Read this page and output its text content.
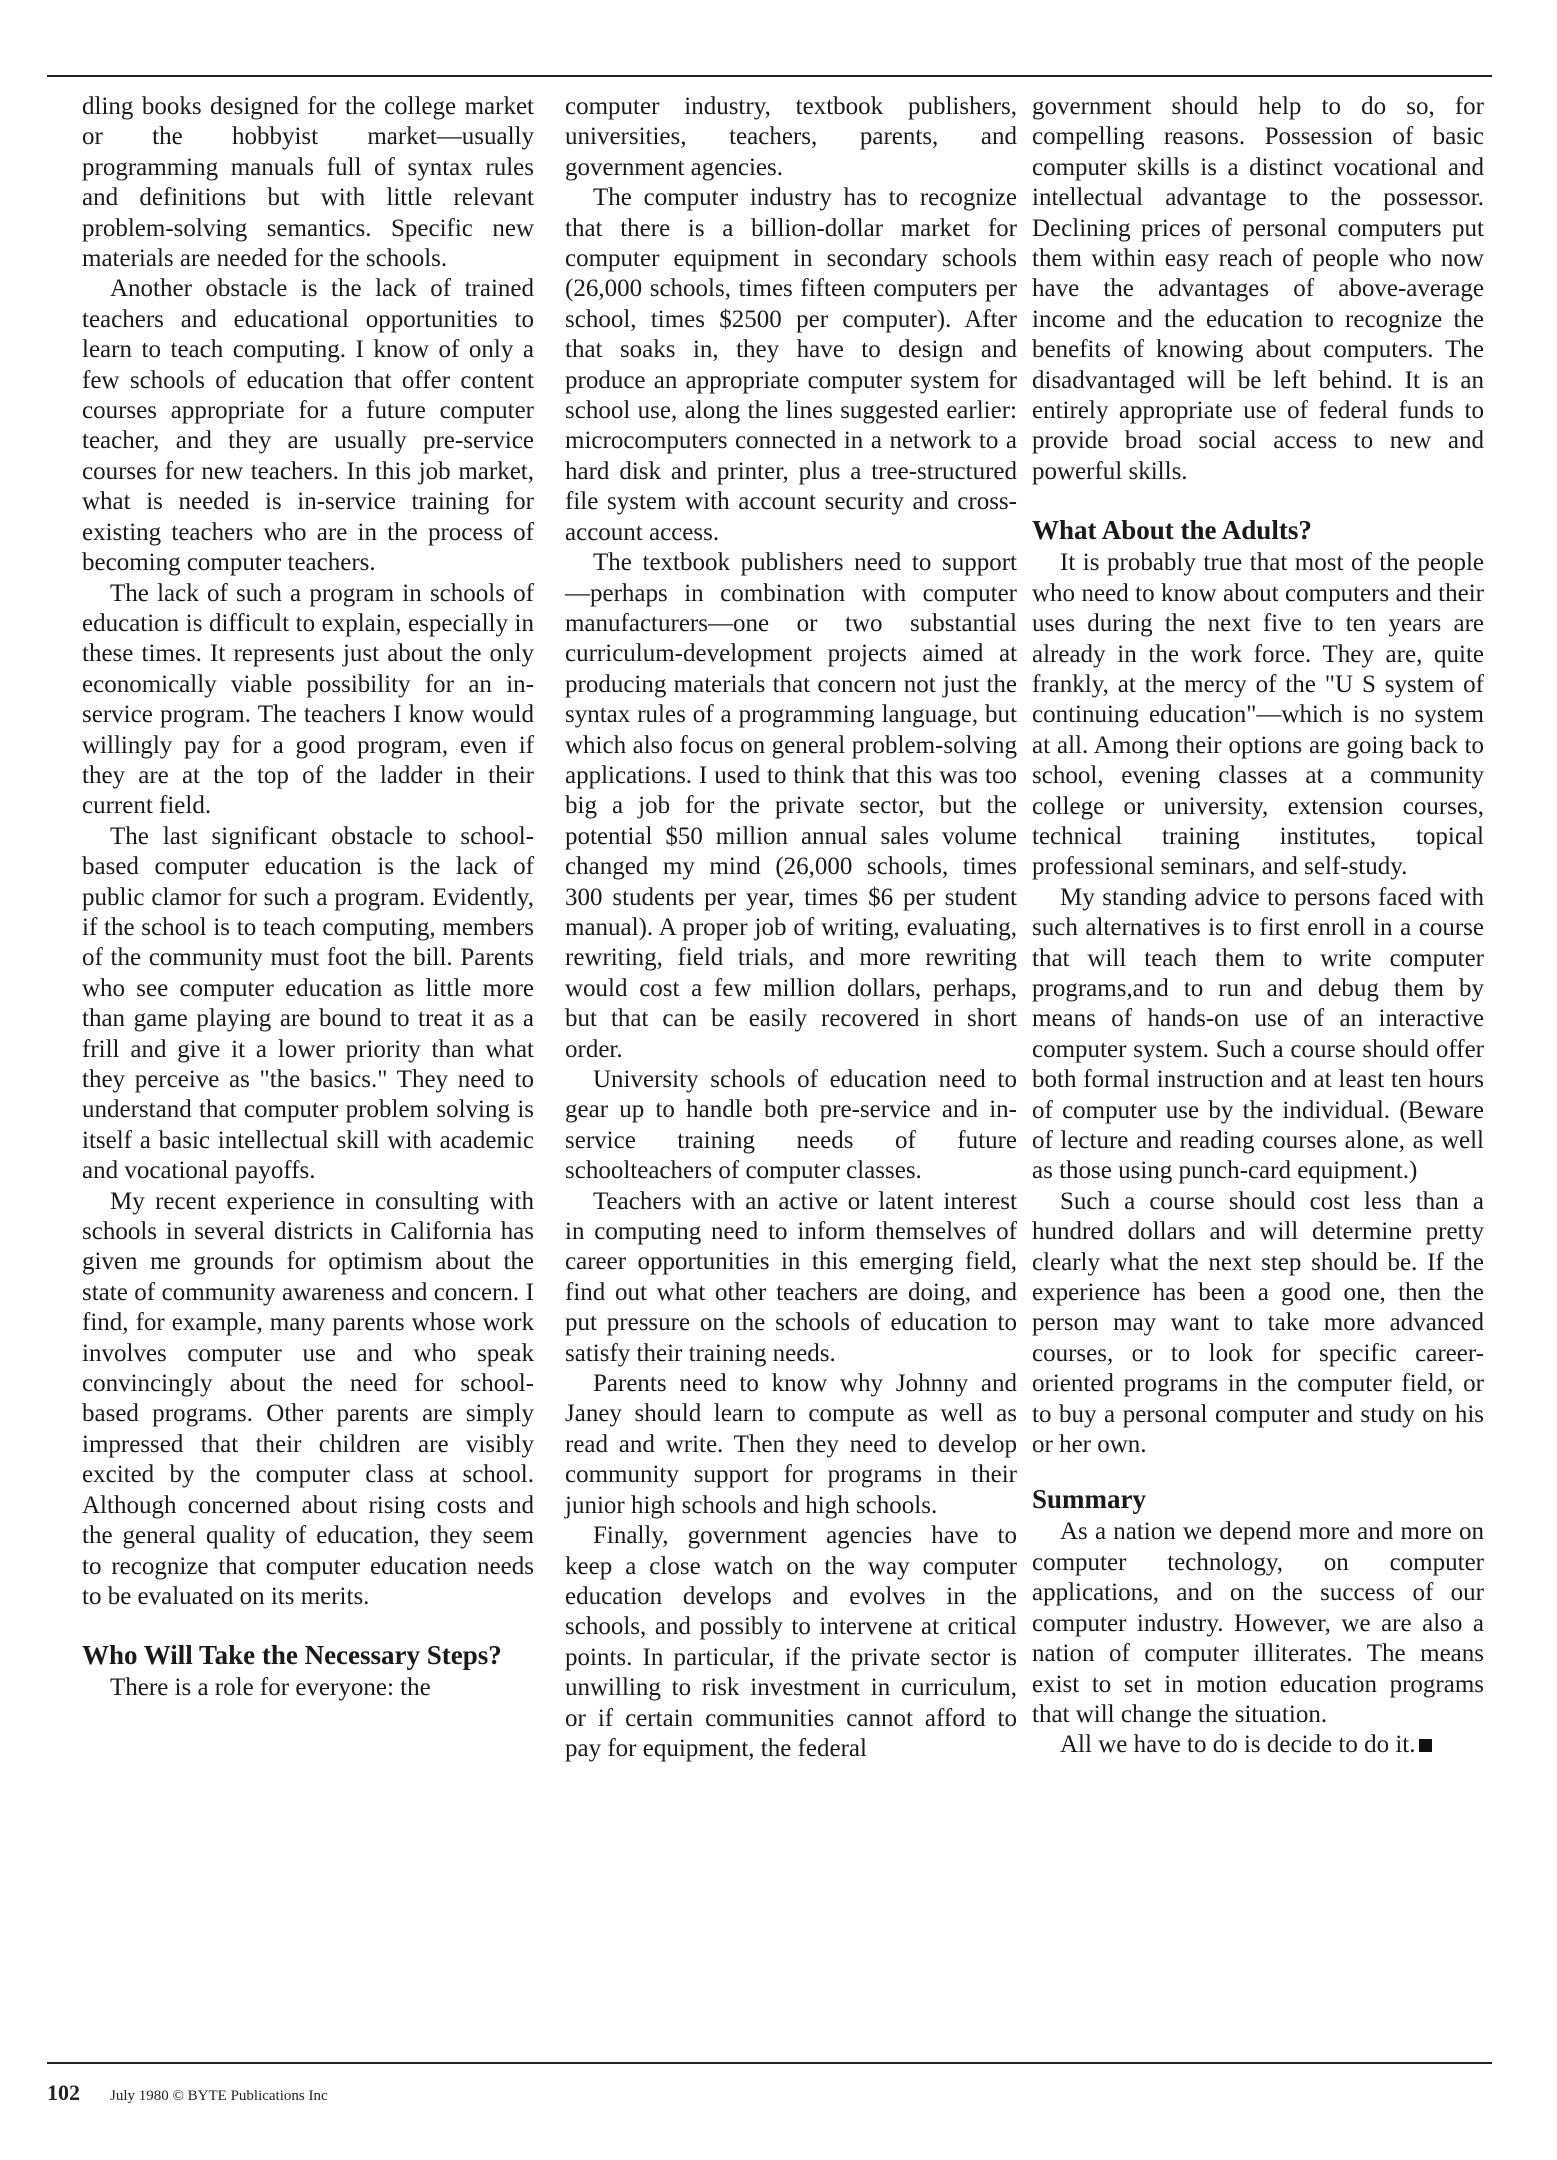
dling books designed for the college market or the hobbyist market—usually programming manuals full of syntax rules and definitions but with little relevant problem-solving semantics. Specific new materials are needed for the schools.

Another obstacle is the lack of trained teachers and educational opportunities to learn to teach computing. I know of only a few schools of education that offer content courses appropriate for a future computer teacher, and they are usually pre-service courses for new teachers. In this job market, what is needed is in-service training for existing teachers who are in the process of becoming computer teachers.

The lack of such a program in schools of education is difficult to explain, especially in these times. It represents just about the only economically viable possibility for an in-service program. The teachers I know would willingly pay for a good program, even if they are at the top of the ladder in their current field.

The last significant obstacle to school-based computer education is the lack of public clamor for such a program. Evidently, if the school is to teach computing, members of the community must foot the bill. Parents who see computer education as little more than game playing are bound to treat it as a frill and give it a lower priority than what they perceive as "the basics." They need to understand that computer problem solving is itself a basic intellectual skill with academic and vocational payoffs.

My recent experience in consulting with schools in several districts in California has given me grounds for optimism about the state of community awareness and concern. I find, for example, many parents whose work involves computer use and who speak convincingly about the need for school-based programs. Other parents are simply impressed that their children are visibly excited by the computer class at school. Although concerned about rising costs and the general quality of education, they seem to recognize that computer education needs to be evaluated on its merits.

Who Will Take the Necessary Steps?

There is a role for everyone: the

computer industry, textbook publishers, universities, teachers, parents, and government agencies.

The computer industry has to recognize that there is a billion-dollar market for computer equipment in secondary schools (26,000 schools, times fifteen computers per school, times $2500 per computer). After that soaks in, they have to design and produce an appropriate computer system for school use, along the lines suggested earlier: microcomputers connected in a network to a hard disk and printer, plus a tree-structured file system with account security and cross-account access.

The textbook publishers need to support—perhaps in combination with computer manufacturers—one or two substantial curriculum-development projects aimed at producing materials that concern not just the syntax rules of a programming language, but which also focus on general problem-solving applications. I used to think that this was too big a job for the private sector, but the potential $50 million annual sales volume changed my mind (26,000 schools, times 300 students per year, times $6 per student manual). A proper job of writing, evaluating, rewriting, field trials, and more rewriting would cost a few million dollars, perhaps, but that can be easily recovered in short order.

University schools of education need to gear up to handle both pre-service and in-service training needs of future schoolteachers of computer classes.

Teachers with an active or latent interest in computing need to inform themselves of career opportunities in this emerging field, find out what other teachers are doing, and put pressure on the schools of education to satisfy their training needs.

Parents need to know why Johnny and Janey should learn to compute as well as read and write. Then they need to develop community support for programs in their junior high schools and high schools.

Finally, government agencies have to keep a close watch on the way computer education develops and evolves in the schools, and possibly to intervene at critical points. In particular, if the private sector is unwilling to risk investment in curriculum, or if certain communities cannot afford to pay for equipment, the federal

government should help to do so, for compelling reasons. Possession of basic computer skills is a distinct vocational and intellectual advantage to the possessor. Declining prices of personal computers put them within easy reach of people who now have the advantages of above-average income and the education to recognize the benefits of knowing about computers. The disadvantaged will be left behind. It is an entirely appropriate use of federal funds to provide broad social access to new and powerful skills.

What About the Adults?

It is probably true that most of the people who need to know about computers and their uses during the next five to ten years are already in the work force. They are, quite frankly, at the mercy of the "U S system of continuing education"—which is no system at all. Among their options are going back to school, evening classes at a community college or university, extension courses, technical training institutes, topical professional seminars, and self-study.

My standing advice to persons faced with such alternatives is to first enroll in a course that will teach them to write computer programs,and to run and debug them by means of hands-on use of an interactive computer system. Such a course should offer both formal instruction and at least ten hours of computer use by the individual. (Beware of lecture and reading courses alone, as well as those using punch-card equipment.)

Such a course should cost less than a hundred dollars and will determine pretty clearly what the next step should be. If the experience has been a good one, then the person may want to take more advanced courses, or to look for specific career-oriented programs in the computer field, or to buy a personal computer and study on his or her own.

Summary

As a nation we depend more and more on computer technology, on computer applications, and on the success of our computer industry. However, we are also a nation of computer illiterates. The means exist to set in motion education programs that will change the situation.

All we have to do is decide to do it.

102 July 1980 © BYTE Publications Inc
